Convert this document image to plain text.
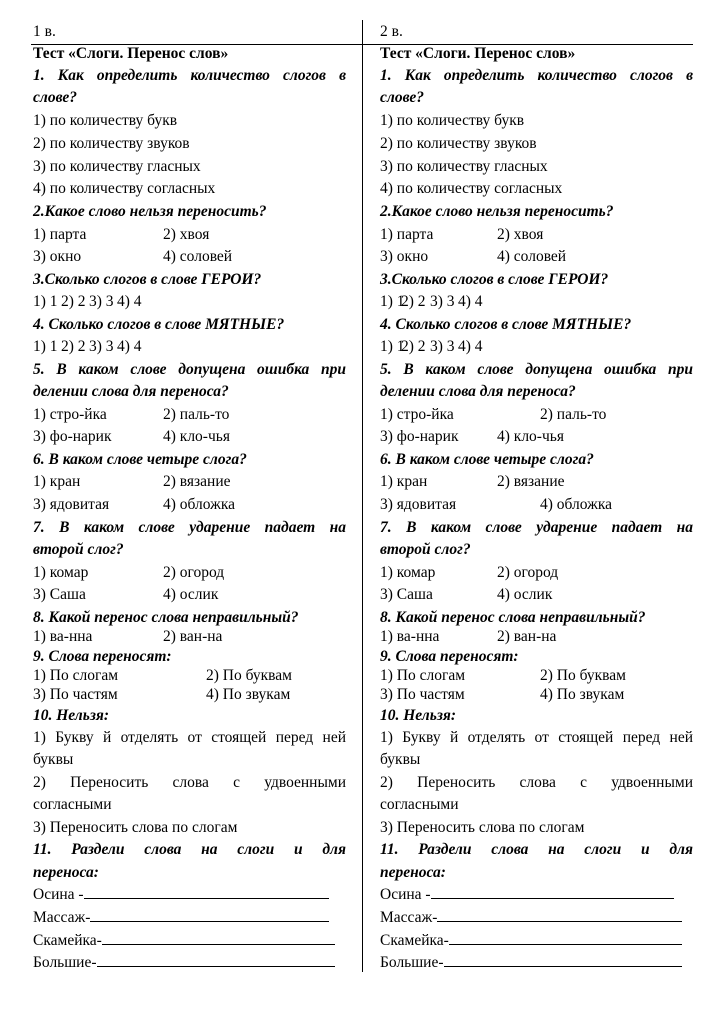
1 в.
Тест «Слоги. Перенос слов»
1. Как определить количество слогов в
слове?
1) по количеству букв
2) по количеству звуков
3) по количеству гласных
4) по количеству согласных
2.Какое слово нельзя переносить?
1) парта	2) хвоя
3) окно	4) соловей
3.Сколько слогов в слове ГЕРОИ?
1) 1 2) 2 3) 3 4) 4
4. Сколько слогов в слове МЯТНЫЕ?
1) 1 2) 2 3) 3 4) 4
5. В каком слове допущена ошибка при
делении слова для переноса?
1) стро-йка	2) паль-то
3) фо-нарик	4) кло-чья
6. В каком слове четыре слога?
1) кран	2) вязание
3) ядовитая	4) обложка
7. В каком слове ударение падает на
второй слог?
1) комар	2) огород
3) Саша	4) ослик
8. Какой перенос слова неправильный?
1) ва-нна	2) ван-на
9. Слова переносят:
1) По слогам	2) По буквам
3) По частям	4) По звукам
10. Нельзя:
1) Букву й отделять от стоящей перед ней
буквы
2) Переносить слова с удвоенными
согласными
3) Переносить слова по слогам
11. Раздели слова на слоги и для
переноса:
Осина -
Массаж-
Скамейка-
Большие-
2 в.
Тест «Слоги. Перенос слов»
1. Как определить количество слогов в
слове?
1) по количеству букв
2) по количеству звуков
3) по количеству гласных
4) по количеству согласных
2.Какое слово нельзя переносить?
1) парта	2) хвоя
3) окно	4) соловей
3.Сколько слогов в слове ГЕРОИ?
1) 1
2) 2 3) 3 4) 4
4. Сколько слогов в слове МЯТНЫЕ?
1) 1
2) 2 3) 3 4) 4
5. В каком слове допущена ошибка при
делении слова для переноса?
1) стро-йка	2) паль-то
3) фо-нарик 4) кло-чья
6. В каком слове четыре слога?
1) кран	2) вязание
3) ядовитая	4) обложка
7. В каком слове ударение падает на
второй слог?
1) комар	2) огород
3) Саша	4) ослик
8. Какой перенос слова неправильный?
1) ва-нна	2) ван-на
9. Слова переносят:
1) По слогам	2) По буквам
3) По частям	4) По звукам
10. Нельзя:
1) Букву й отделять от стоящей перед ней
буквы
2) Переносить слова с удвоенными
согласными
3) Переносить слова по слогам
11. Раздели слова на слоги и для
переноса:
Осина -
Массаж-
Скамейка-
Большие-
